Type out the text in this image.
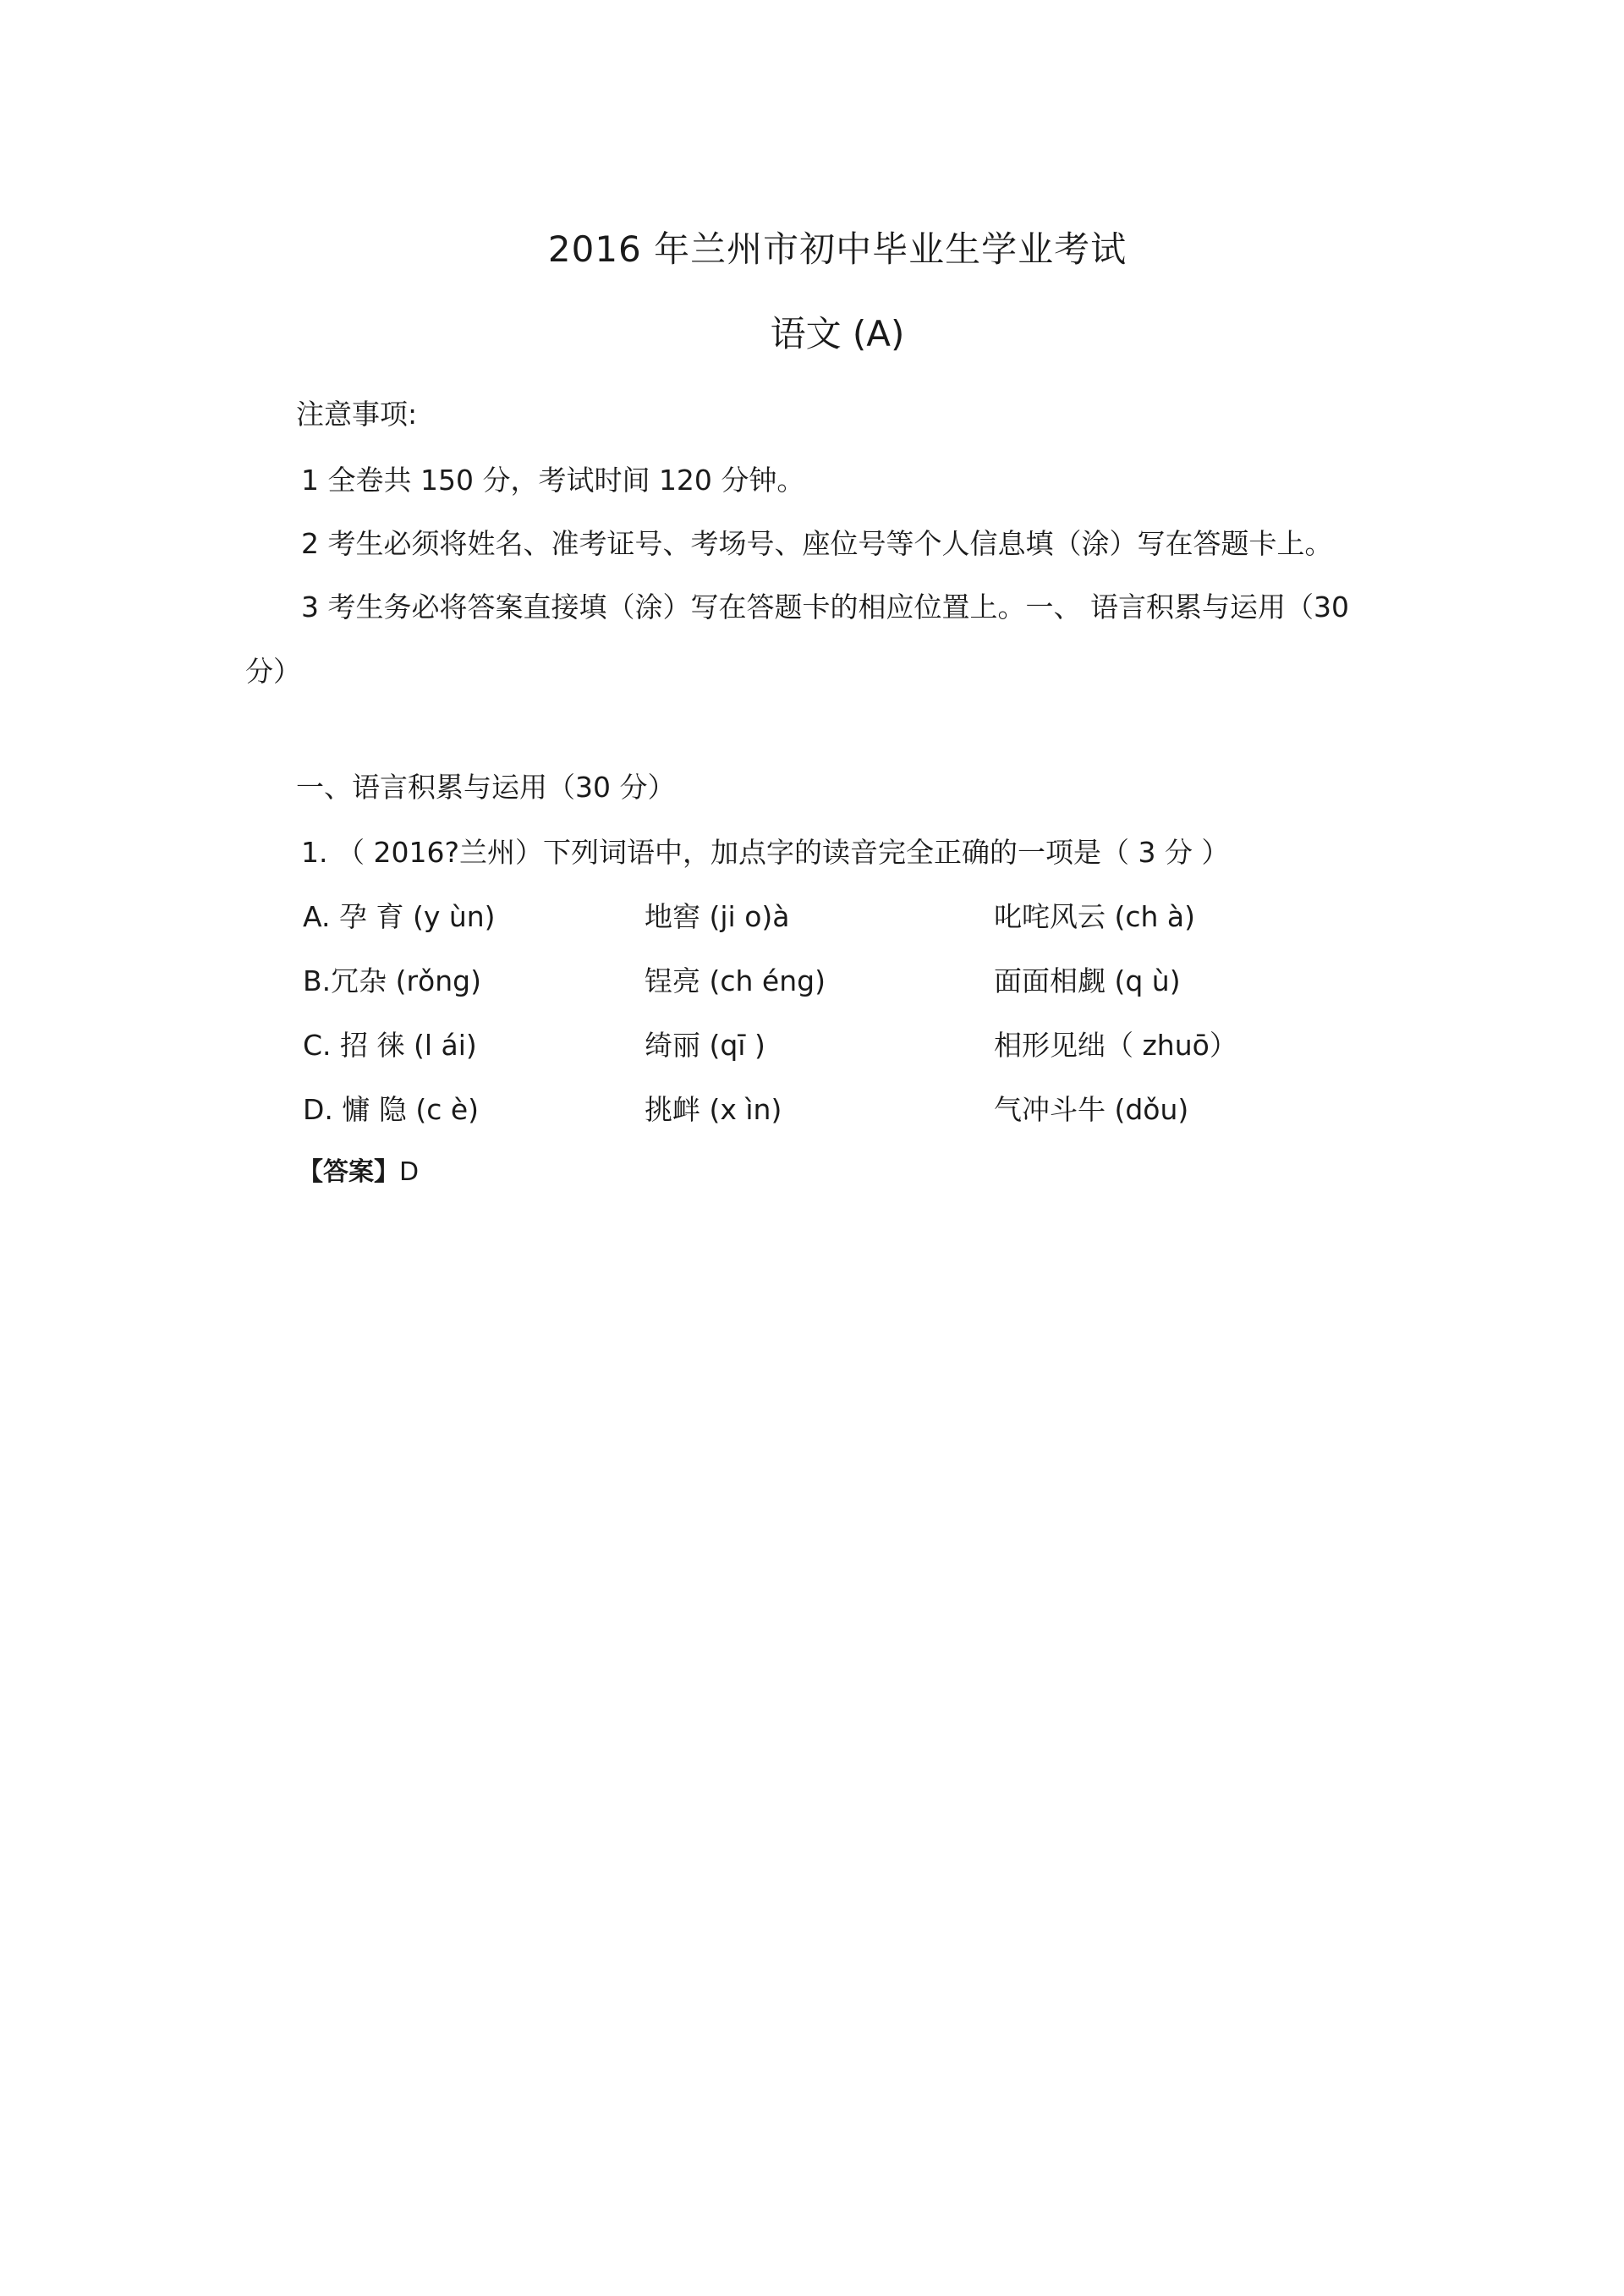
2016 年兰州市初中毕业生学业考试
语文 (A)
注意事项:
1 全卷共 150 分，考试时间 120 分钟。
2 考生必须将姓名、准考证号、考场号、座位号等个人信息填（涂）写在答题卡上。
3 考生务必将答案直接填（涂）写在答题卡的相应位置上。一、 语言积累与运用（30
分）
一、语言积累与运用（30 分）
1. （ 2016?兰州）下列词语中，加点字的读音完全正确的一项是（ 3 分 ）
A. 孕 育 (y ùn)	地窖 (ji o)à	叱咤风云 (ch à)
B.冗杂 (rǒng)	锃亮 (ch éng)	面面相觑 (q ù)
C. 招 徕 (l ái)	绮丽 (qī )	相形见绌（ zhuō）
D. 慵 隐 (c è)	挑衅 (x ìn)	气冲斗牛 (dǒu)
【答案】D
